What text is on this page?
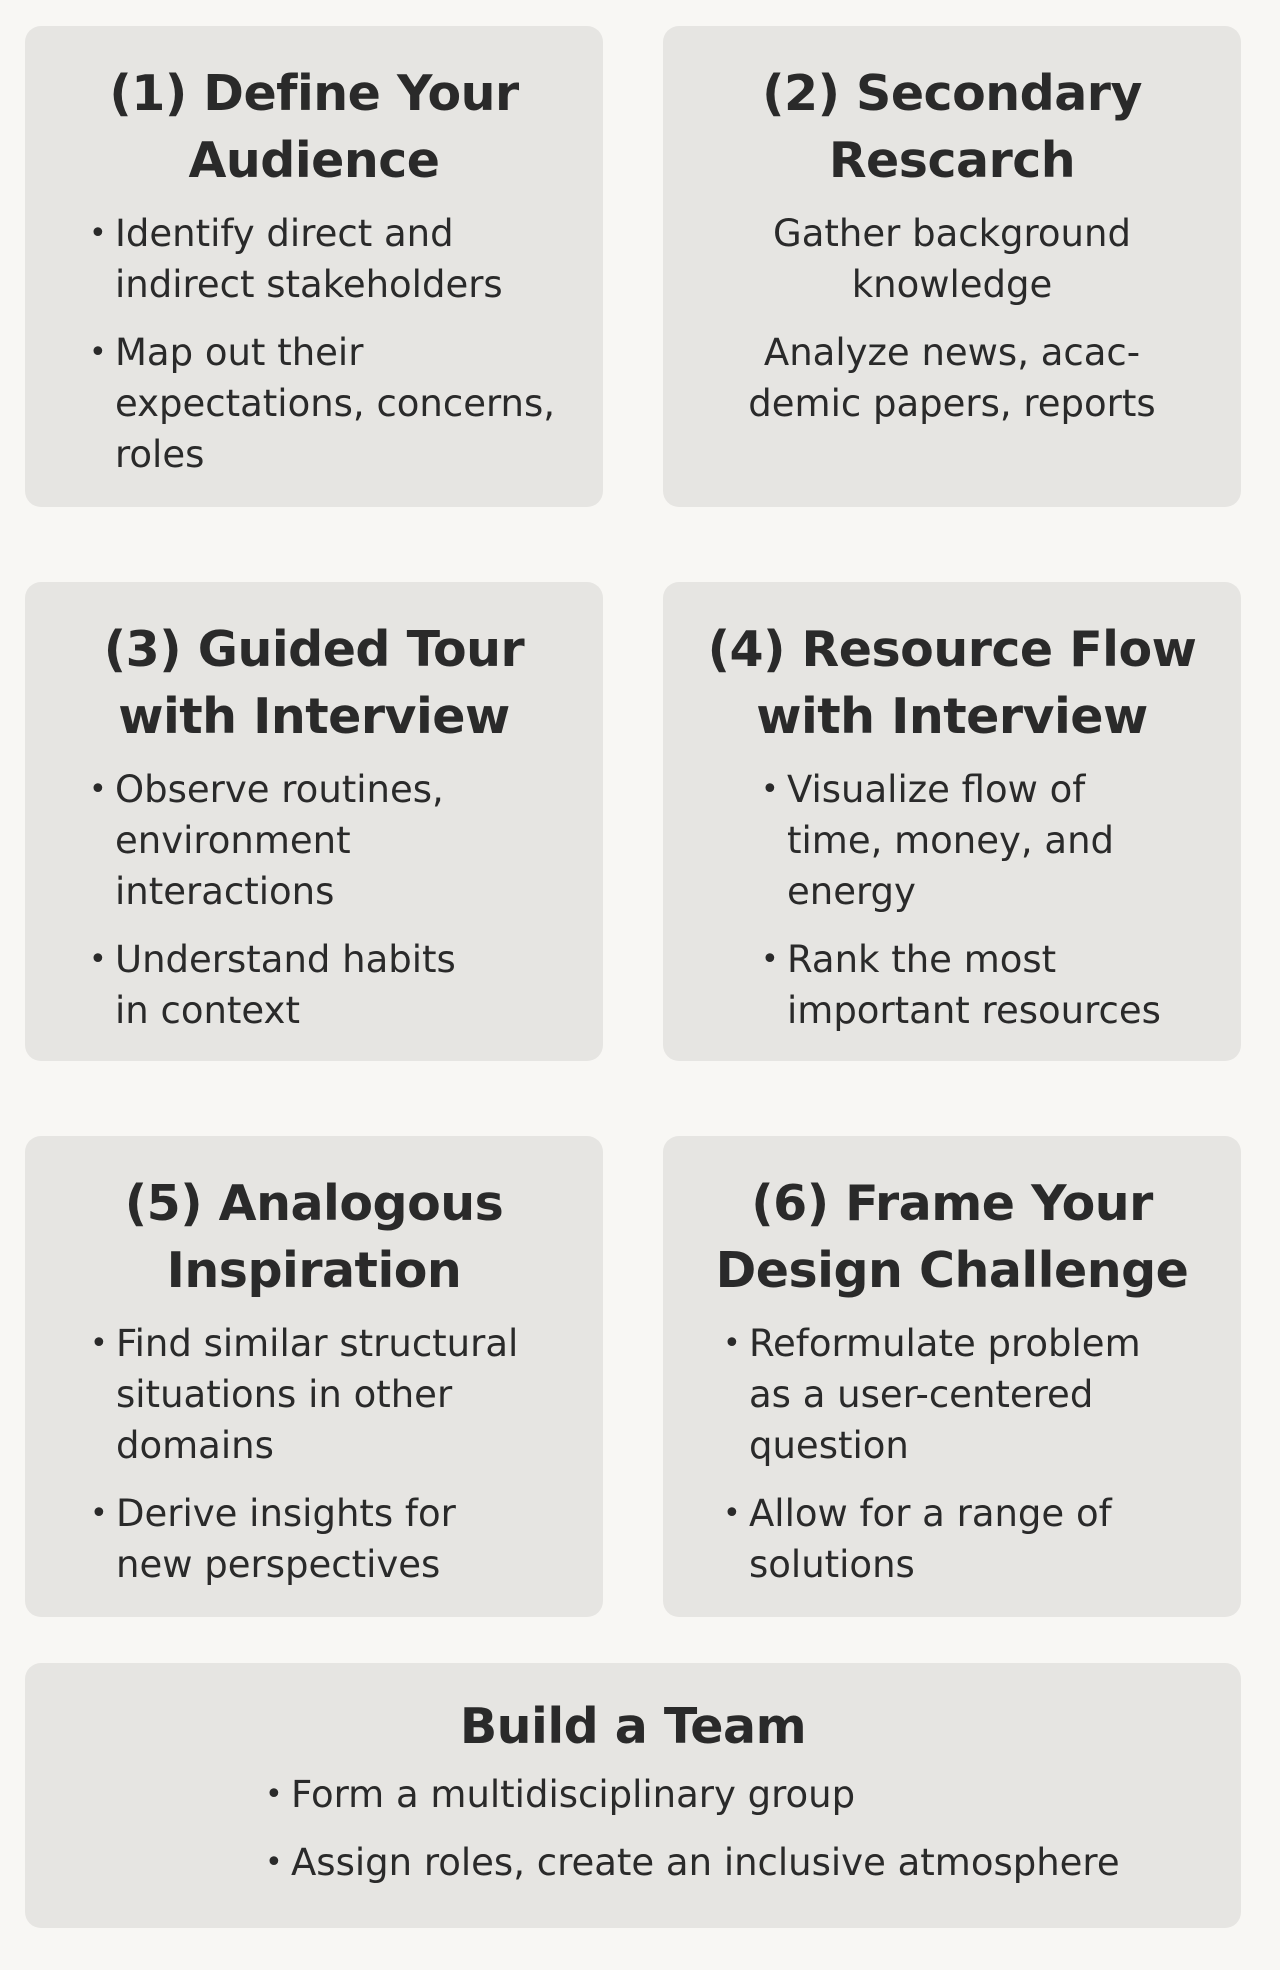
(1) Define Your
Audience
• Identify direct and
indirect stakeholders
• Map out their
expectations, concerns,
roles
(2) Secondary
Rescarch

Gather background
knowledge

Analyze news, acac-
demic papers, reports

(3) Guided Tour
with Interview
• Observe routines,
environment
interactions
• Understand habits
in context
(4) Resource Flow
with Interview
• Visualize flow of
time, money, and
energy
• Rank the most
important resources
(5) Analogous
Inspiration
• Find similar structural
situations in other
domains
• Derive insights for
new perspectives
(6) Frame Your
Design Challenge
• Reformulate problem
as a user-centered
question
• Allow for a range of
solutions
Build a Team
• Form a multidisciplinary group
• Assign roles, create an inclusive atmosphere
